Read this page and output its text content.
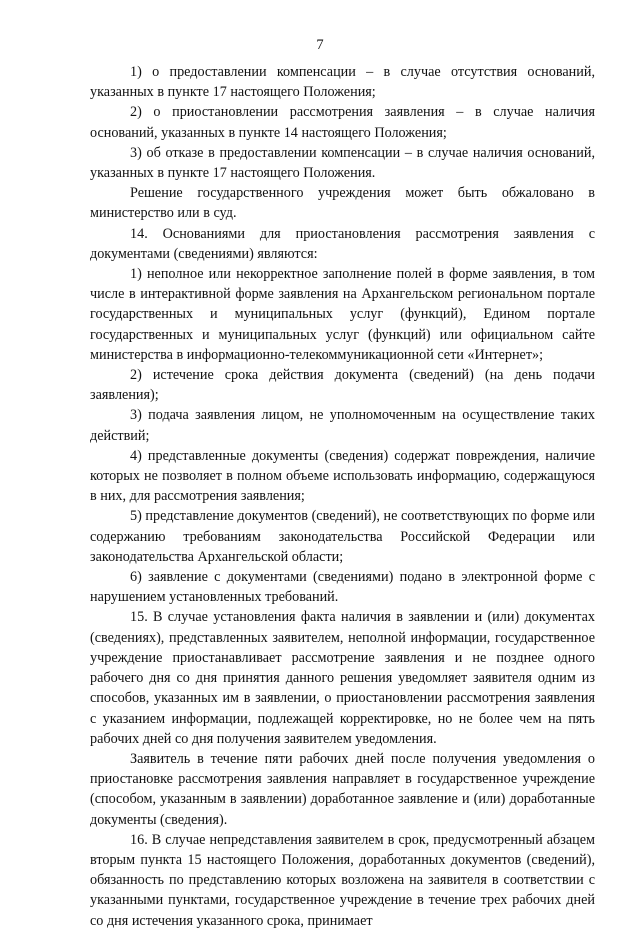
7

1) о предоставлении компенсации – в случае отсутствия оснований, указанных в пункте 17 настоящего Положения;

2) о приостановлении рассмотрения заявления – в случае наличия оснований, указанных в пункте 14 настоящего Положения;

3) об отказе в предоставлении компенсации – в случае наличия оснований, указанных в пункте 17 настоящего Положения.

Решение государственного учреждения может быть обжаловано в министерство или в суд.

14. Основаниями для приостановления рассмотрения заявления с документами (сведениями) являются:

1) неполное или некорректное заполнение полей в форме заявления, в том числе в интерактивной форме заявления на Архангельском региональном портале государственных и муниципальных услуг (функций), Едином портале государственных и муниципальных услуг (функций) или официальном сайте министерства в информационно-телекоммуникационной сети «Интернет»;

2) истечение срока действия документа (сведений) (на день подачи заявления);

3) подача заявления лицом, не уполномоченным на осуществление таких действий;

4) представленные документы (сведения) содержат повреждения, наличие которых не позволяет в полном объеме использовать информацию, содержащуюся в них, для рассмотрения заявления;

5) представление документов (сведений), не соответствующих по форме или содержанию требованиям законодательства Российской Федерации или законодательства Архангельской области;

6) заявление с документами (сведениями) подано в электронной форме с нарушением установленных требований.

15. В случае установления факта наличия в заявлении и (или) документах (сведениях), представленных заявителем, неполной информации, государственное учреждение приостанавливает рассмотрение заявления и не позднее одного рабочего дня со дня принятия данного решения уведомляет заявителя одним из способов, указанных им в заявлении, о приостановлении рассмотрения заявления с указанием информации, подлежащей корректировке, но не более чем на пять рабочих дней со дня получения заявителем уведомления.

Заявитель в течение пяти рабочих дней после получения уведомления о приостановке рассмотрения заявления направляет в государственное учреждение (способом, указанным в заявлении) доработанное заявление и (или) доработанные документы (сведения).

16. В случае непредставления заявителем в срок, предусмотренный абзацем вторым пункта 15 настоящего Положения, доработанных документов (сведений), обязанность по представлению которых возложена на заявителя в соответствии с указанными пунктами, государственное учреждение в течение трех рабочих дней со дня истечения указанного срока, принимает
